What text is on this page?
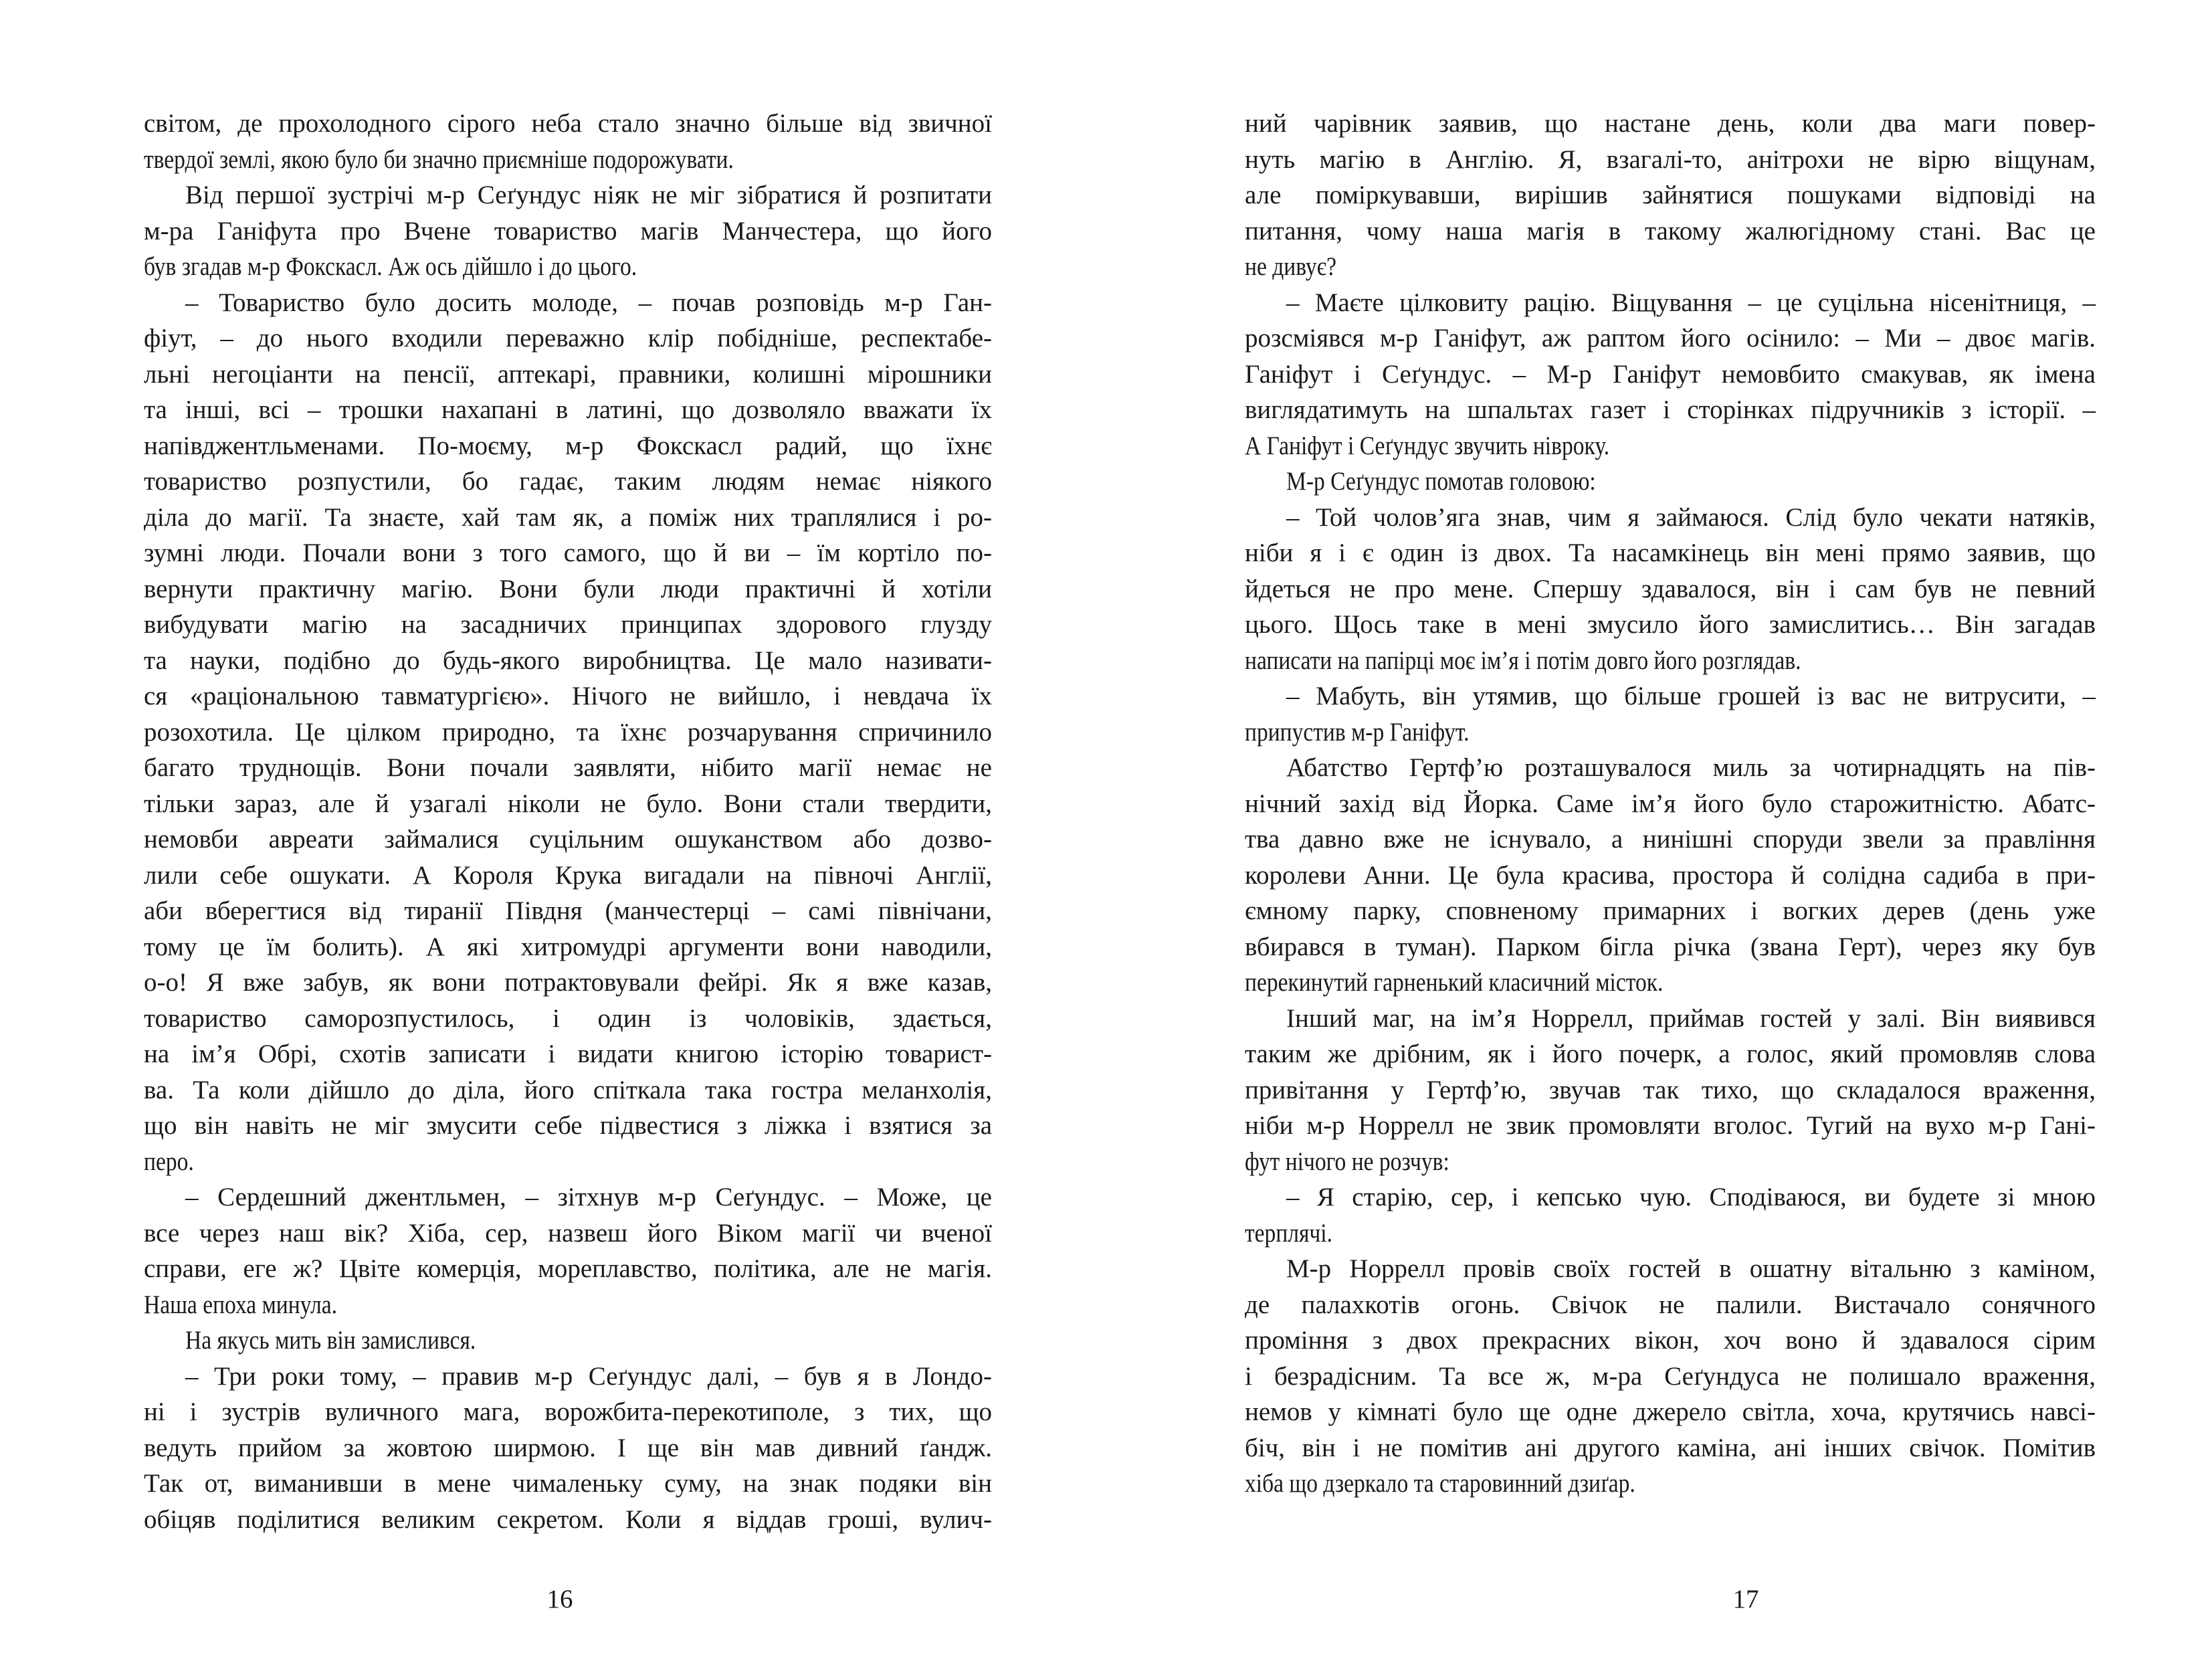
світом, де прохолодного сірого неба стало значно більше від звичної
твердої землі, якою було би значно приємніше подорожувати.
Від першої зустрічі м-р Сеґундус ніяк не міг зібратися й розпитати
м-ра Ганіфута про Вчене товариство магів Манчестера, що його
був згадав м-р Фокскасл. Аж ось дійшло і до цього.
– Товариство було досить молоде, – почав розповідь м-р Ган-
фіут, – до нього входили переважно клір побідніше, респектабе-
льні негоціанти на пенсії, аптекарі, правники, колишні мірошники
та інші, всі – трошки нахапані в латині, що дозволяло вважати їх
напівджентльменами. По-моєму, м-р Фокскасл радий, що їхнє
товариство розпустили, бо гадає, таким людям немає ніякого
діла до магії. Та знаєте, хай там як, а поміж них траплялися і ро-
зумні люди. Почали вони з того самого, що й ви – їм кортіло по-
вернути практичну магію. Вони були люди практичні й хотіли
вибудувати магію на засадничих принципах здорового глузду
та науки, подібно до будь-якого виробництва. Це мало називати-
ся «раціональною тавматургією». Нічого не вийшло, і невдача їх
розохотила. Це цілком природно, та їхнє розчарування спричинило
багато труднощів. Вони почали заявляти, нібито магії немає не
тільки зараз, але й узагалі ніколи не було. Вони стали твердити,
немовби авреати займалися суцільним ошуканством або дозво-
лили себе ошукати. А Короля Крука вигадали на півночі Англії,
аби вберегтися від тиранії Півдня (манчестерці – самі північани,
тому це їм болить). А які хитромудрі аргументи вони наводили,
о-о! Я вже забув, як вони потрактовували фейрі. Як я вже казав,
товариство саморозпустилось, і один із чоловіків, здається,
на ім’я Обрі, схотів записати і видати книгою історію товарист-
ва. Та коли дійшло до діла, його спіткала така гостра меланхолія,
що він навіть не міг змусити себе підвестися з ліжка і взятися за
перо.
– Сердешний джентльмен, – зітхнув м-р Сеґундус. – Може, це
все через наш вік? Хіба, сер, назвеш його Віком магії чи вченої
справи, еге ж? Цвіте комерція, мореплавство, політика, але не магія.
Наша епоха минула.
На якусь мить він замислився.
– Три роки тому, – правив м-р Сеґундус далі, – був я в Лондо-
ні і зустрів вуличного мага, ворожбита-перекотиполе, з тих, що
ведуть прийом за жовтою ширмою. І ще він мав дивний ґандж.
Так от, виманивши в мене чималеньку суму, на знак подяки він
обіцяв поділитися великим секретом. Коли я віддав гроші, вулич-
16
ний чарівник заявив, що настане день, коли два маги повер-
нуть магію в Англію. Я, взагалі-то, анітрохи не вірю віщунам,
але поміркувавши, вирішив зайнятися пошуками відповіді на
питання, чому наша магія в такому жалюгідному стані. Вас це
не дивує?
– Маєте цілковиту рацію. Віщування – це суцільна нісенітниця, –
розсміявся м-р Ганіфут, аж раптом його осінило: – Ми – двоє магів.
Ганіфут і Сеґундус. – М-р Ганіфут немовбито смакував, як імена
виглядатимуть на шпальтах газет і сторінках підручників з історії. –
А Ганіфут і Сеґундус звучить нівроку.
М-р Сеґундус помотав головою:
– Той чолов’яга знав, чим я займаюся. Слід було чекати натяків,
ніби я і є один із двох. Та насамкінець він мені прямо заявив, що
йдеться не про мене. Спершу здавалося, він і сам був не певний
цього. Щось таке в мені змусило його замислитись… Він загадав
написати на папірці моє ім’я і потім довго його розглядав.
– Мабуть, він утямив, що більше грошей із вас не витрусити, –
припустив м-р Ганіфут.
Абатство Гертф’ю розташувалося миль за чотирнадцять на пів-
нічний захід від Йорка. Саме ім’я його було старожитністю. Абатс-
тва давно вже не існувало, а нинішні споруди звели за правління
королеви Анни. Це була красива, простора й солідна садиба в при-
ємному парку, сповненому примарних і вогких дерев (день уже
вбирався в туман). Парком бігла річка (звана Герт), через яку був
перекинутий гарненький класичний місток.
Інший маг, на ім’я Норрелл, приймав гостей у залі. Він виявився
таким же дрібним, як і його почерк, а голос, який промовляв слова
привітання у Гертф’ю, звучав так тихо, що складалося враження,
ніби м-р Норрелл не звик промовляти вголос. Тугий на вухо м-р Гані-
фут нічого не розчув:
– Я старію, сер, і кепсько чую. Сподіваюся, ви будете зі мною
терплячі.
М-р Норрелл провів своїх гостей в ошатну вітальню з каміном,
де палахкотів огонь. Свічок не палили. Вистачало сонячного
проміння з двох прекрасних вікон, хоч воно й здавалося сірим
і безрадісним. Та все ж, м-ра Сеґундуса не полишало враження,
немов у кімнаті було ще одне джерело світла, хоча, крутячись навсі-
біч, він і не помітив ані другого каміна, ані інших свічок. Помітив
хіба що дзеркало та старовинний дзиґар.
17
